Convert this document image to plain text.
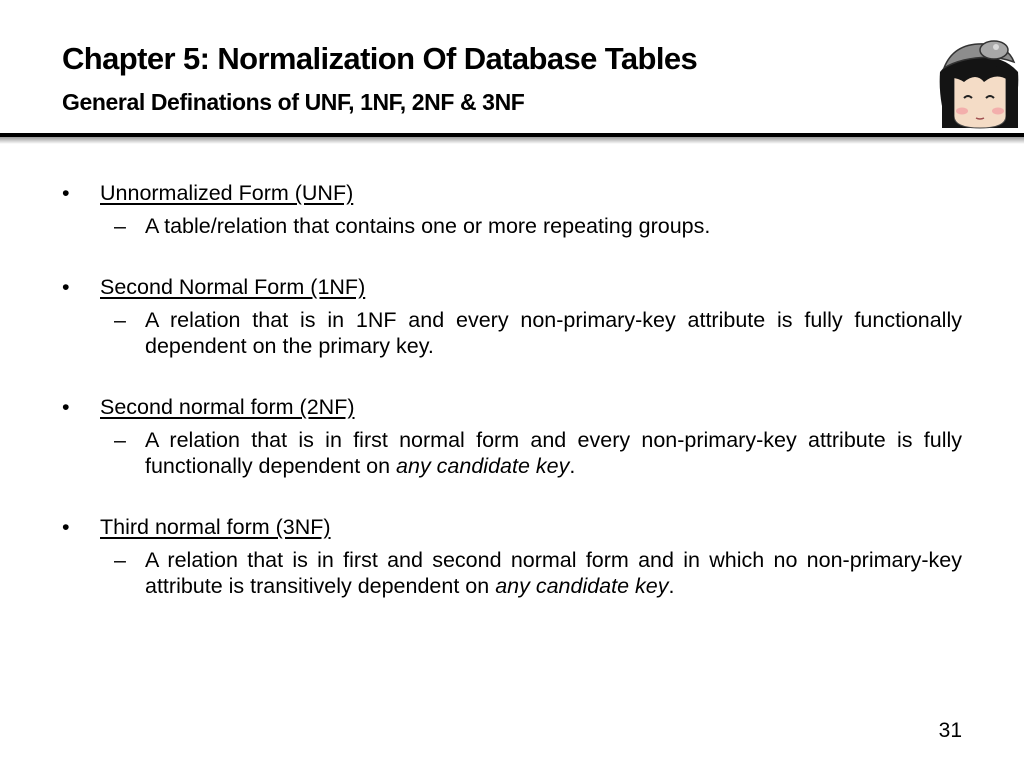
Chapter 5: Normalization Of Database Tables
General Definations of UNF, 1NF, 2NF & 3NF
• Unnormalized Form (UNF)
– A table/relation that contains one or more repeating groups.
• Second Normal Form (1NF)
– A relation that is in 1NF and every non-primary-key attribute is fully functionally dependent on the primary key.
• Second normal form (2NF)
– A relation that is in first normal form and every non-primary-key attribute is fully functionally dependent on any candidate key.
• Third normal form (3NF)
– A relation that is in first and second normal form and in which no non-primary-key attribute is transitively dependent on any candidate key.
31
